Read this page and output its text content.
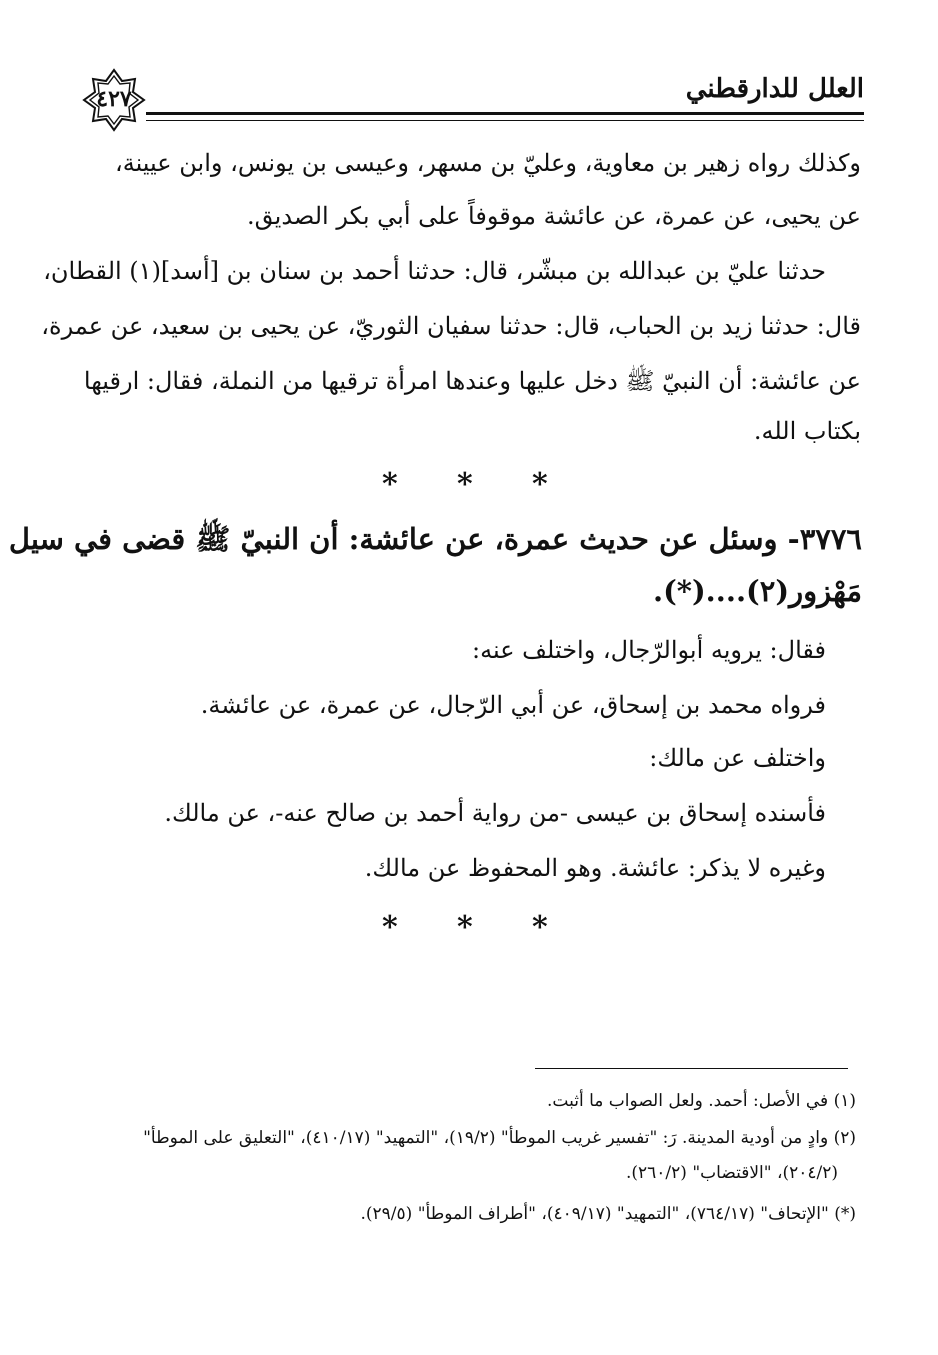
٤٢٧	العلل للدارقطني
وكذلك رواه زهير بن معاوية، وعليّ بن مسهر، وعيسى بن يونس، وابن عيينة،
عن يحيى، عن عمرة، عن عائشة موقوفاً على أبي بكر الصديق.
حدثنا عليّ بن عبدالله بن مبشّر، قال: حدثنا أحمد بن سنان بن [أسد](١) القطان،
قال: حدثنا زيد بن الحباب، قال: حدثنا سفيان الثوريّ، عن يحيى بن سعيد، عن عمرة،
عن عائشة: أن النبيّ ﷺ دخل عليها وعندها امرأة ترقيها من النملة، فقال: ارقيها
بكتاب الله.
* * *
٣٧٧٦- وسئل عن حديث عمرة، عن عائشة: أن النبيّ ﷺ قضى في سيل
مَهْزور(٢)....(*).
فقال: يرويه أبوالرّجال، واختلف عنه:
فرواه محمد بن إسحاق، عن أبي الرّجال، عن عمرة، عن عائشة.
واختلف عن مالك:
فأسنده إسحاق بن عيسى -من رواية أحمد بن صالح عنه-، عن مالك.
وغيره لا يذكر: عائشة. وهو المحفوظ عن مالك.
* * *
(١) في الأصل: أحمد. ولعل الصواب ما أثبت.
(٢) وادٍ من أودية المدينة. رَ: "تفسير غريب الموطأ" (١٩/٢)، "التمهيد" (٤١٠/١٧)، "التعليق على الموطأ"
(٢٠٤/٢)، "الاقتضاب" (٢٦٠/٢).
(*) "الإتحاف" (٧٦٤/١٧)، "التمهيد" (٤٠٩/١٧)، "أطراف الموطأ" (٢٩/٥).
